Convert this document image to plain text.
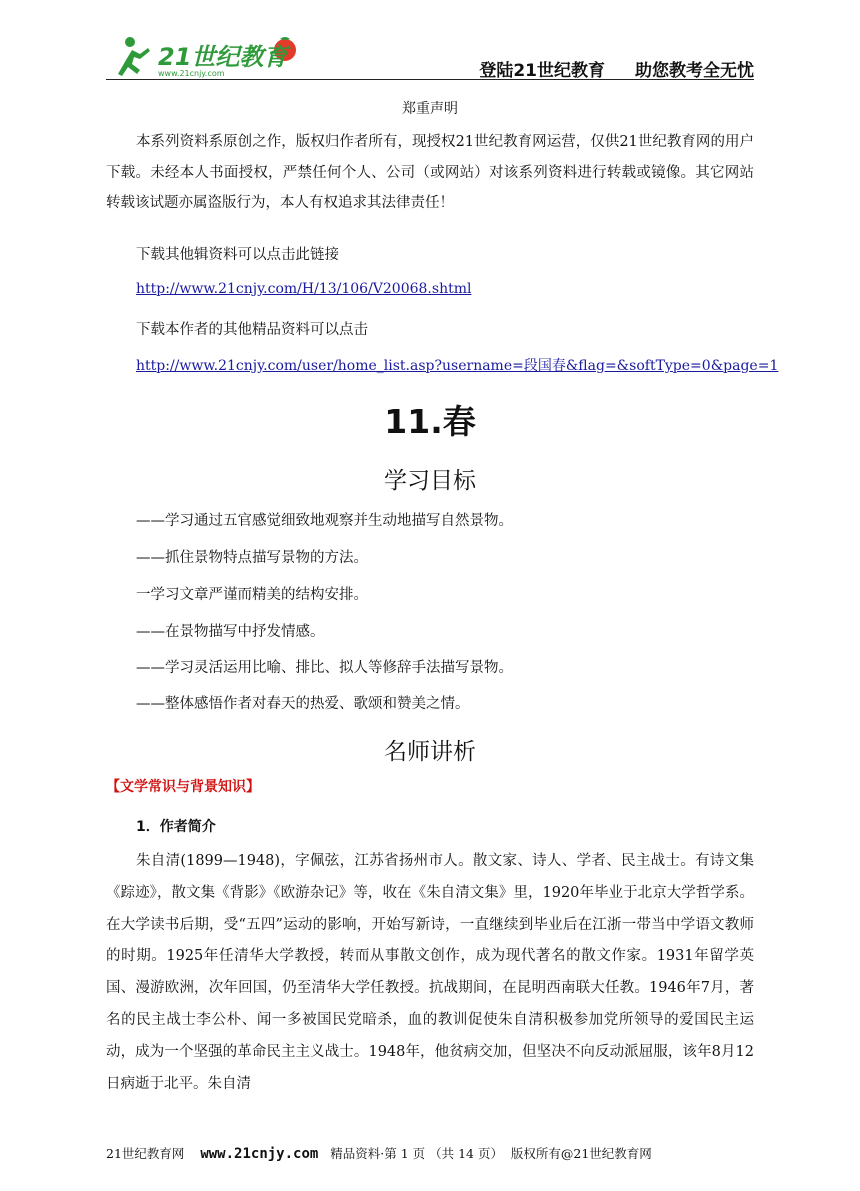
21世纪教育
www.21cnjy.com	登陆21世纪教育 助您教考全无忧
郑重声明
本系列资料系原创之作，版权归作者所有，现授权21世纪教育网运营，仅供21世纪教育网的用户下载。未经本人书面授权，严禁任何个人、公司（或网站）对该系列资料进行转载或镜像。其它网站转载该试题亦属盗版行为，本人有权追求其法律责任！
下载其他辑资料可以点击此链接
http://www.21cnjy.com/H/13/106/V20068.shtml
下载本作者的其他精品资料可以点击
http://www.21cnjy.com/user/home_list.asp?username=段国春&flag=&softType=0&page=1
11.春
学习目标
——学习通过五官感觉细致地观察并生动地描写自然景物。
——抓住景物特点描写景物的方法。
一学习文章严谨而精美的结构安排。
——在景物描写中抒发情感。
——学习灵活运用比喻、排比、拟人等修辞手法描写景物。
——整体感悟作者对春天的热爱、歌颂和赞美之情。
名师讲析
【文学常识与背景知识】
1．作者简介
朱自清(1899—1948)，字佩弦，江苏省扬州市人。散文家、诗人、学者、民主战士。有诗文集《踪迹》，散文集《背影》《欧游杂记》等，收在《朱自清文集》里，1920年毕业于北京大学哲学系。在大学读书后期，受“五四”运动的影响，开始写新诗，一直继续到毕业后在江浙一带当中学语文教师的时期。1925年任清华大学教授，转而从事散文创作，成为现代著名的散文作家。1931年留学英国、漫游欧洲，次年回国，仍至清华大学任教授。抗战期间，在昆明西南联大任教。1946年7月，著名的民主战士李公朴、闻一多被国民党暗杀，血的教训促使朱自清积极参加党所领导的爱国民主运动，成为一个坚强的革命民主主义战士。1948年，他贫病交加，但坚决不向反动派屈服，该年8月12日病逝于北平。朱自清
21世纪教育网 www.21cnjy.com 精品资料·第 1 页 （共 14 页） 版权所有@21世纪教育网
